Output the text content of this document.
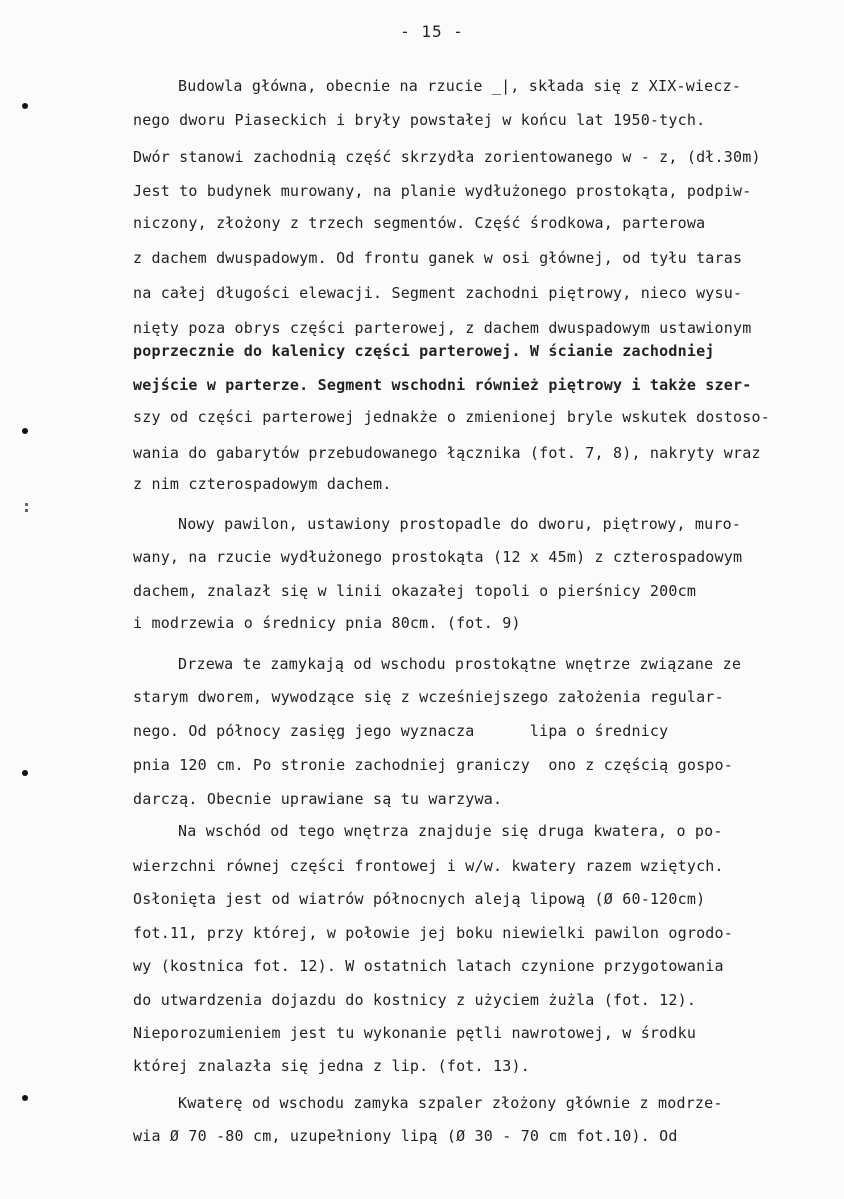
- 15 -
Budowla główna, obecnie na rzucie _|, składa się z XIX-wiecz-
nego dworu Piaseckich i bryły powstałej w końcu lat 1950-tych.
Dwór stanowi zachodnią część skrzydła zorientowanego w - z, (dł.30m)
Jest to budynek murowany, na planie wydłużonego prostokąta, podpiw-
niczony, złożony z trzech segmentów. Część środkowa, parterowa
z dachem dwuspadowym. Od frontu ganek w osi głównej, od tyłu taras
na całej długości elewacji. Segment zachodni piętrowy, nieco wysu-
nięty poza obrys części parterowej, z dachem dwuspadowym ustawionym
poprzecznie do kalenicy części parterowej. W ścianie zachodniej
wejście w parterze. Segment wschodni również piętrowy i także szer-
szy od części parterowej jednakże o zmienionej bryle wskutek dostoso-
wania do gabarytów przebudowanego łącznika (fot. 7, 8), nakryty wraz
z nim czterospadowym dachem.
Nowy pawilon, ustawiony prostopadle do dworu, piętrowy, muro-
wany, na rzucie wydłużonego prostokąta (12 x 45m) z czterospadowym
dachem, znalazł się w linii okazałej topoli o pierśnicy 200cm
i modrzewia o średnicy pnia 80cm. (fot. 9)
Drzewa te zamykają od wschodu prostokątne wnętrze związane ze
starym dworem, wywodzące się z wcześniejszego założenia regular-
nego. Od północy zasięg jego wyznacza      lipa o średnicy
pnia 120 cm. Po stronie zachodniej graniczy  ono z częścią gospo-
darczą. Obecnie uprawiane są tu warzywa.
Na wschód od tego wnętrza znajduje się druga kwatera, o po-
wierzchni równej części frontowej i w/w. kwatery razem wziętych.
Osłonięta jest od wiatrów północnych aleją lipową (Ø 60-120cm)
fot.11, przy której, w połowie jej boku niewielki pawilon ogrodo-
wy (kostnica fot. 12). W ostatnich latach czynione przygotowania
do utwardzenia dojazdu do kostnicy z użyciem żużla (fot. 12).
Nieporozumieniem jest tu wykonanie pętli nawrotowej, w środku
której znalazła się jedna z lip. (fot. 13).
Kwaterę od wschodu zamyka szpaler złożony głównie z modrze-
wia Ø 70 -80 cm, uzupełniony lipą (Ø 30 - 70 cm fot.10). Od
